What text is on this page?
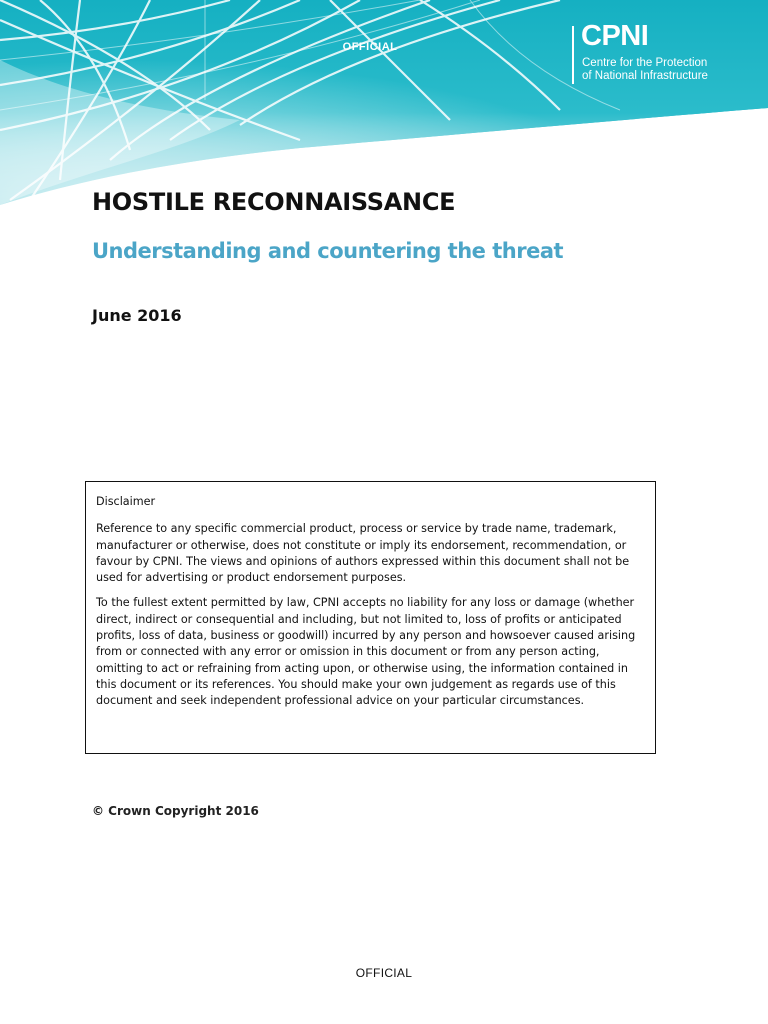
OFFICIAL	CPNI
Centre for the Protection
of National Infrastructure
HOSTILE RECONNAISSANCE
Understanding and countering the threat
June 2016
Disclaimer

Reference to any specific commercial product, process or service by trade name, trademark, manufacturer or otherwise, does not constitute or imply its endorsement, recommendation, or favour by CPNI. The views and opinions of authors expressed within this document shall not be used for advertising or product endorsement purposes.

To the fullest extent permitted by law, CPNI accepts no liability for any loss or damage (whether direct, indirect or consequential and including, but not limited to, loss of profits or anticipated profits, loss of data, business or goodwill) incurred by any person and howsoever caused arising from or connected with any error or omission in this document or from any person acting, omitting to act or refraining from acting upon, or otherwise using, the information contained in this document or its references. You should make your own judgement as regards use of this document and seek independent professional advice on your particular circumstances.

© Crown Copyright 2016
OFFICIAL
